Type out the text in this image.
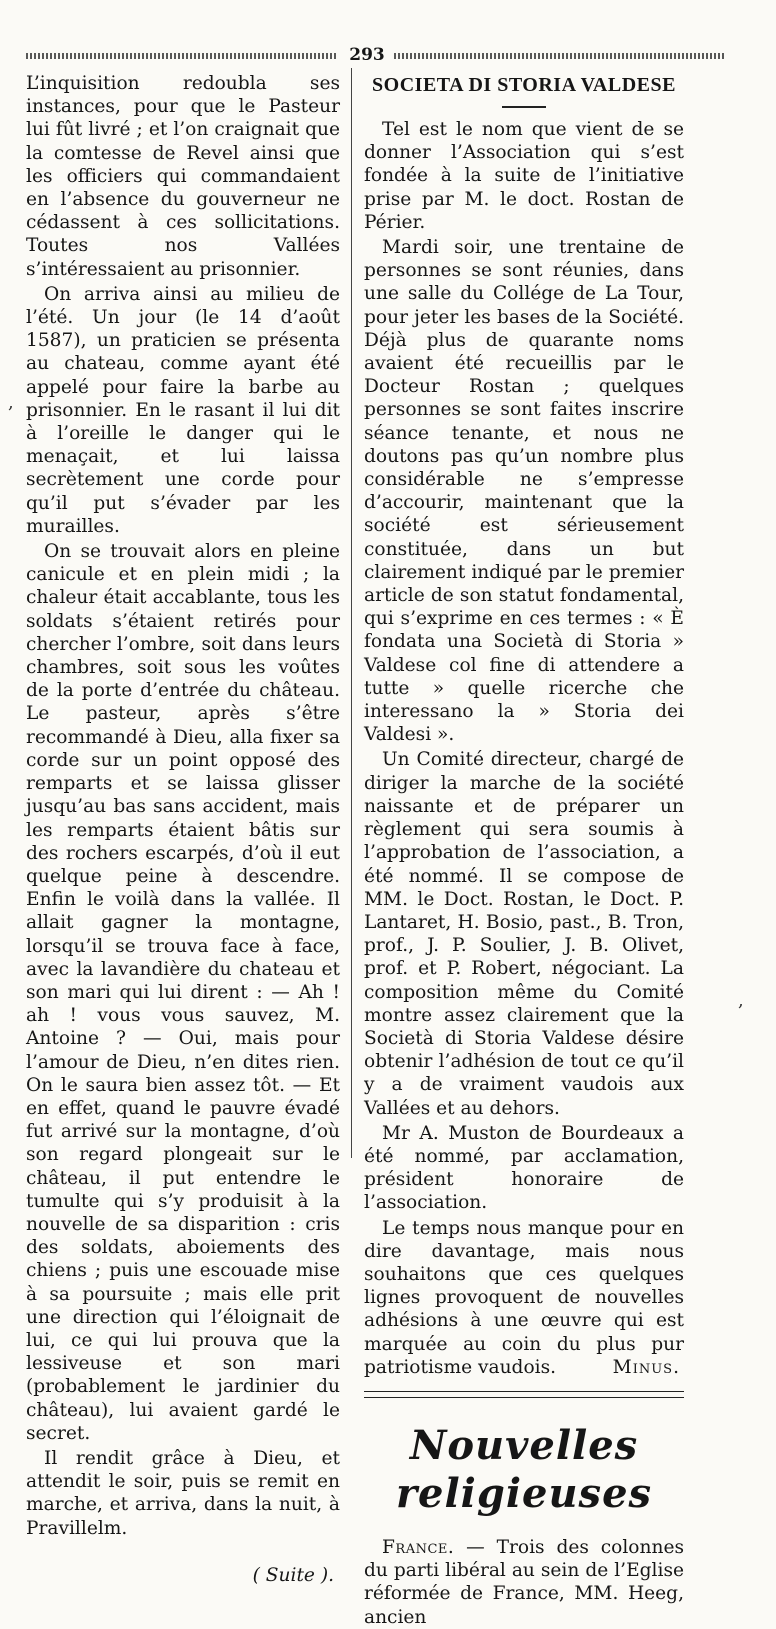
293
,
,

L’inquisition redoubla ses instances, pour que le Pasteur lui fût livré ; et l’on craignait que la comtesse de Revel ainsi que les officiers qui commandaient en l’absence du gouverneur ne cédassent à ces sollicitations. Toutes nos Vallées s’intéressaient au prisonnier.

On arriva ainsi au milieu de l’été. Un jour (le 14 d’août 1587), un praticien se présenta au chateau, comme ayant été appelé pour faire la barbe au prisonnier. En le rasant il lui dit à l’oreille le danger qui le menaçait, et lui laissa secrètement une corde pour qu’il put s’évader par les murailles.

On se trouvait alors en pleine canicule et en plein midi ; la chaleur était accablante, tous les soldats s’étaient retirés pour chercher l’ombre, soit dans leurs chambres, soit sous les voûtes de la porte d’entrée du château. Le pasteur, après s’être recommandé à Dieu, alla fixer sa corde sur un point opposé des remparts et se laissa glisser jusqu’au bas sans accident, mais les remparts étaient bâtis sur des rochers escarpés, d’où il eut quelque peine à descendre. Enfin le voilà dans la vallée. Il allait gagner la montagne, lorsqu’il se trouva face à face, avec la lavandière du chateau et son mari qui lui dirent : — Ah ! ah ! vous vous sauvez, M. Antoine ? — Oui, mais pour l’amour de Dieu, n’en dites rien. On le saura bien assez tôt. — Et en effet, quand le pauvre évadé fut arrivé sur la montagne, d’où son regard plongeait sur le château, il put entendre le tumulte qui s’y produisit à la nouvelle de sa disparition : cris des soldats, aboiements des chiens ; puis une escouade mise à sa poursuite ; mais elle prit une direction qui l’éloignait de lui, ce qui lui prouva que la lessiveuse et son mari (probablement le jardinier du château), lui avaient gardé le secret.

Il rendit grâce à Dieu, et attendit le soir, puis se remit en marche, et arriva, dans la nuit, à Pravillelm.

( Suite ).

SOCIETA DI STORIA VALDESE

Tel est le nom que vient de se donner l’Association qui s’est fondée à la suite de l’initiative prise par M. le doct. Rostan de Périer.

Mardi soir, une trentaine de personnes se sont réunies, dans une salle du Collége de La Tour, pour jeter les bases de la Société. Déjà plus de quarante noms avaient été recueillis par le Docteur Rostan ; quelques personnes se sont faites inscrire séance tenante, et nous ne doutons pas qu’un nombre plus considérable ne s’empresse d’accourir, maintenant que la société est sérieusement constituée, dans un but clairement indiqué par le premier article de son statut fondamental, qui s’exprime en ces termes : « È fondata una Società di Storia » Valdese col fine di attendere a tutte » quelle ricerche che interessano la » Storia dei Valdesi ».

Un Comité directeur, chargé de diriger la marche de la société naissante et de préparer un règlement qui sera soumis à l’approbation de l’association, a été nommé. Il se compose de MM. le Doct. Rostan, le Doct. P. Lantaret, H. Bosio, past., B. Tron, prof., J. P. Soulier, J. B. Olivet, prof. et P. Robert, négociant. La composition même du Comité montre assez clairement que la Società di Storia Valdese désire obtenir l’adhésion de tout ce qu’il y a de vraiment vaudois aux Vallées et au dehors.

Mr A. Muston de Bourdeaux a été nommé, par acclamation, président honoraire de l’association.

Le temps nous manque pour en dire davantage, mais nous souhaitons que ces quelques lignes provoquent de nouvelles adhésions à une œuvre qui est marquée au coin du plus pur patriotisme vaudois.	Minus.

Nouvelles religieuses

France. — Trois des colonnes du parti libéral au sein de l’Eglise réformée de France, MM. Heeg, ancien
